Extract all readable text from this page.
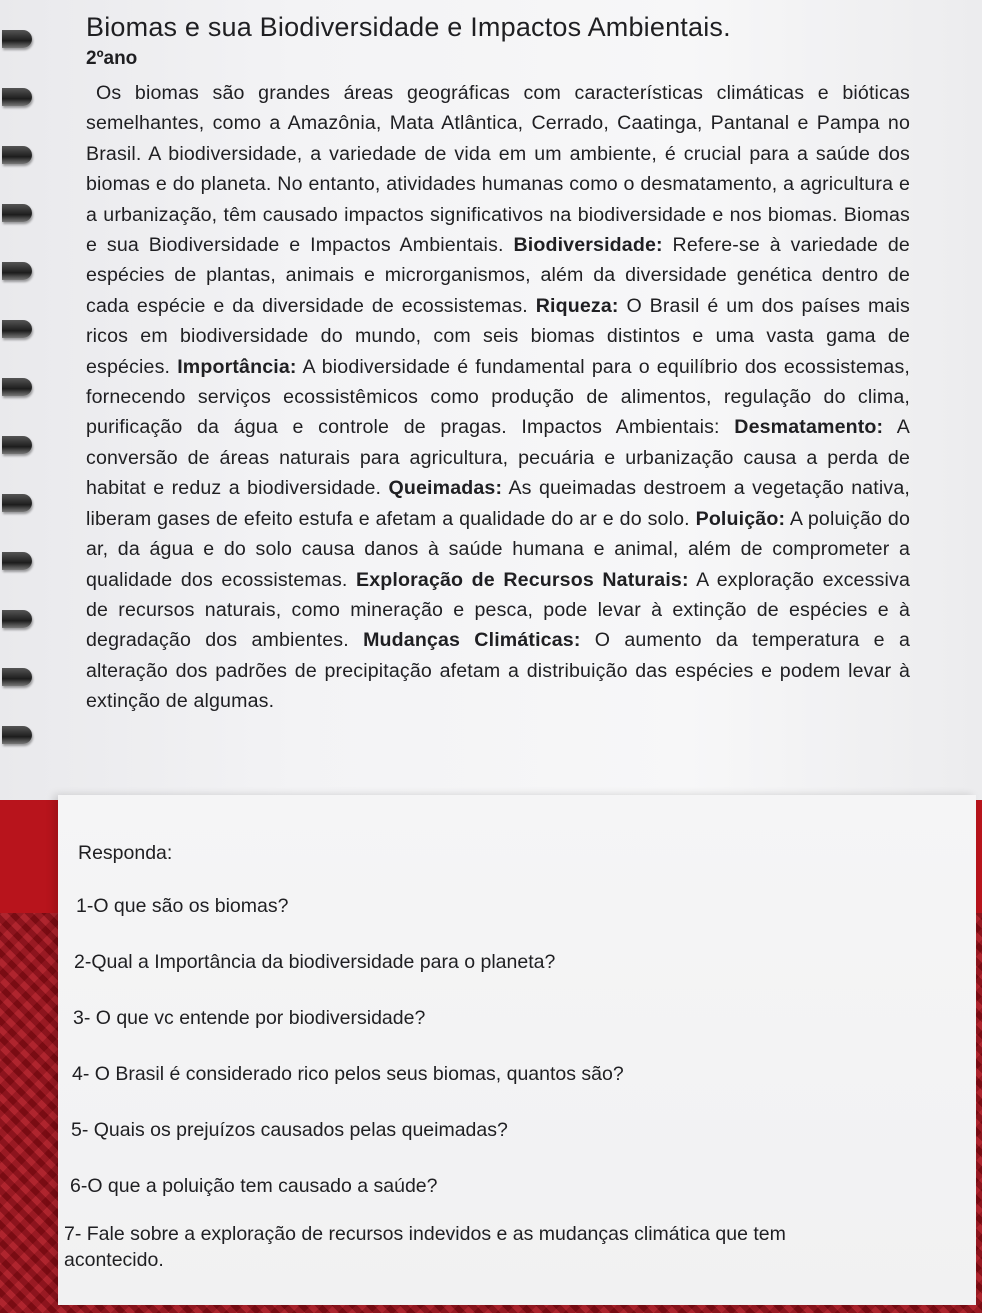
Biomas e sua Biodiversidade e Impactos Ambientais.

2ºano

Os biomas são grandes áreas geográficas com características climáticas e bióticas semelhantes, como a Amazônia, Mata Atlântica, Cerrado, Caatinga, Pantanal e Pampa no Brasil. A biodiversidade, a variedade de vida em um ambiente, é crucial para a saúde dos biomas e do planeta. No entanto, atividades humanas como o desmatamento, a agricultura e a urbanização, têm causado impactos significativos na biodiversidade e nos biomas. Biomas e sua Biodiversidade e Impactos Ambientais. Biodiversidade: Refere-se à variedade de espécies de plantas, animais e microrganismos, além da diversidade genética dentro de cada espécie e da diversidade de ecossistemas. Riqueza: O Brasil é um dos países mais ricos em biodiversidade do mundo, com seis biomas distintos e uma vasta gama de espécies. Importância: A biodiversidade é fundamental para o equilíbrio dos ecossistemas, fornecendo serviços ecossistêmicos como produção de alimentos, regulação do clima, purificação da água e controle de pragas. Impactos Ambientais: Desmatamento: A conversão de áreas naturais para agricultura, pecuária e urbanização causa a perda de habitat e reduz a biodiversidade. Queimadas: As queimadas destroem a vegetação nativa, liberam gases de efeito estufa e afetam a qualidade do ar e do solo. Poluição: A poluição do ar, da água e do solo causa danos à saúde humana e animal, além de comprometer a qualidade dos ecossistemas. Exploração de Recursos Naturais: A exploração excessiva de recursos naturais, como mineração e pesca, pode levar à extinção de espécies e à degradação dos ambientes. Mudanças Climáticas: O aumento da temperatura e a alteração dos padrões de precipitação afetam a distribuição das espécies e podem levar à extinção de algumas.

Responda:

1-O que são os biomas?

2-Qual a Importância da biodiversidade para o planeta?

3- O que vc entende por biodiversidade?

4- O Brasil é considerado rico pelos seus biomas, quantos são?

5- Quais os prejuízos causados pelas queimadas?

6-O que a poluição tem causado a saúde?

7- Fale sobre a exploração de recursos indevidos e as mudanças climática que tem acontecido.
